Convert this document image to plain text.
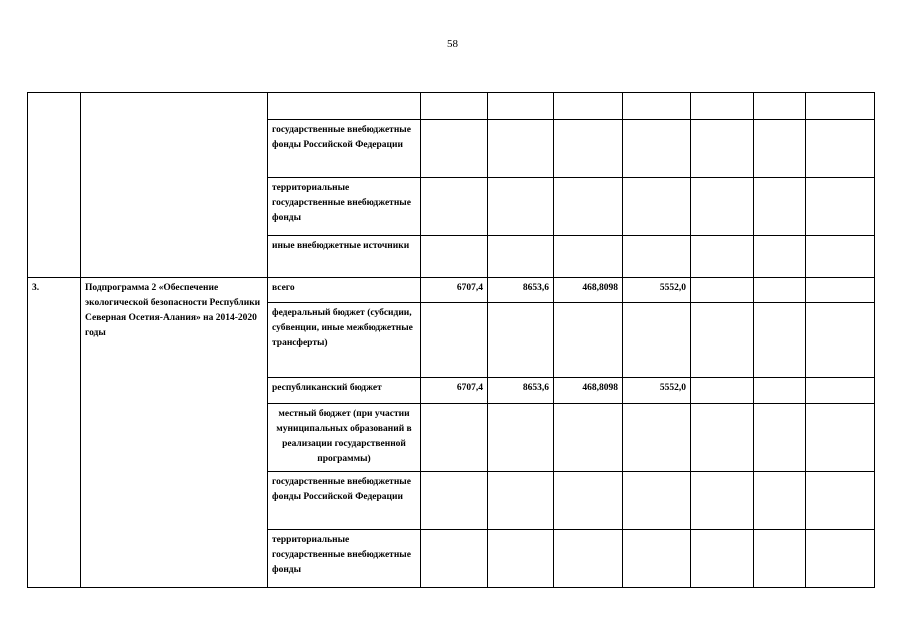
58

		государственные внебюджетные фонды Российской Федерации							
		территориальные государственные внебюджетные фонды							
		иные внебюджетные источники							
3.	Подпрограмма 2 «Обеспечение экологической безопасности Республики Северная Осетия-Алания» на 2014-2020 годы	всего	6707,4	8653,6	468,8098	5552,0			
		федеральный бюджет (субсидии, субвенции, иные межбюджетные трансферты)							
		республиканский бюджет	6707,4	8653,6	468,8098	5552,0			
		местный бюджет (при участии муниципальных образований в реализации государственной программы)							
		государственные внебюджетные фонды Российской Федерации							
		территориальные государственные внебюджетные фонды							
